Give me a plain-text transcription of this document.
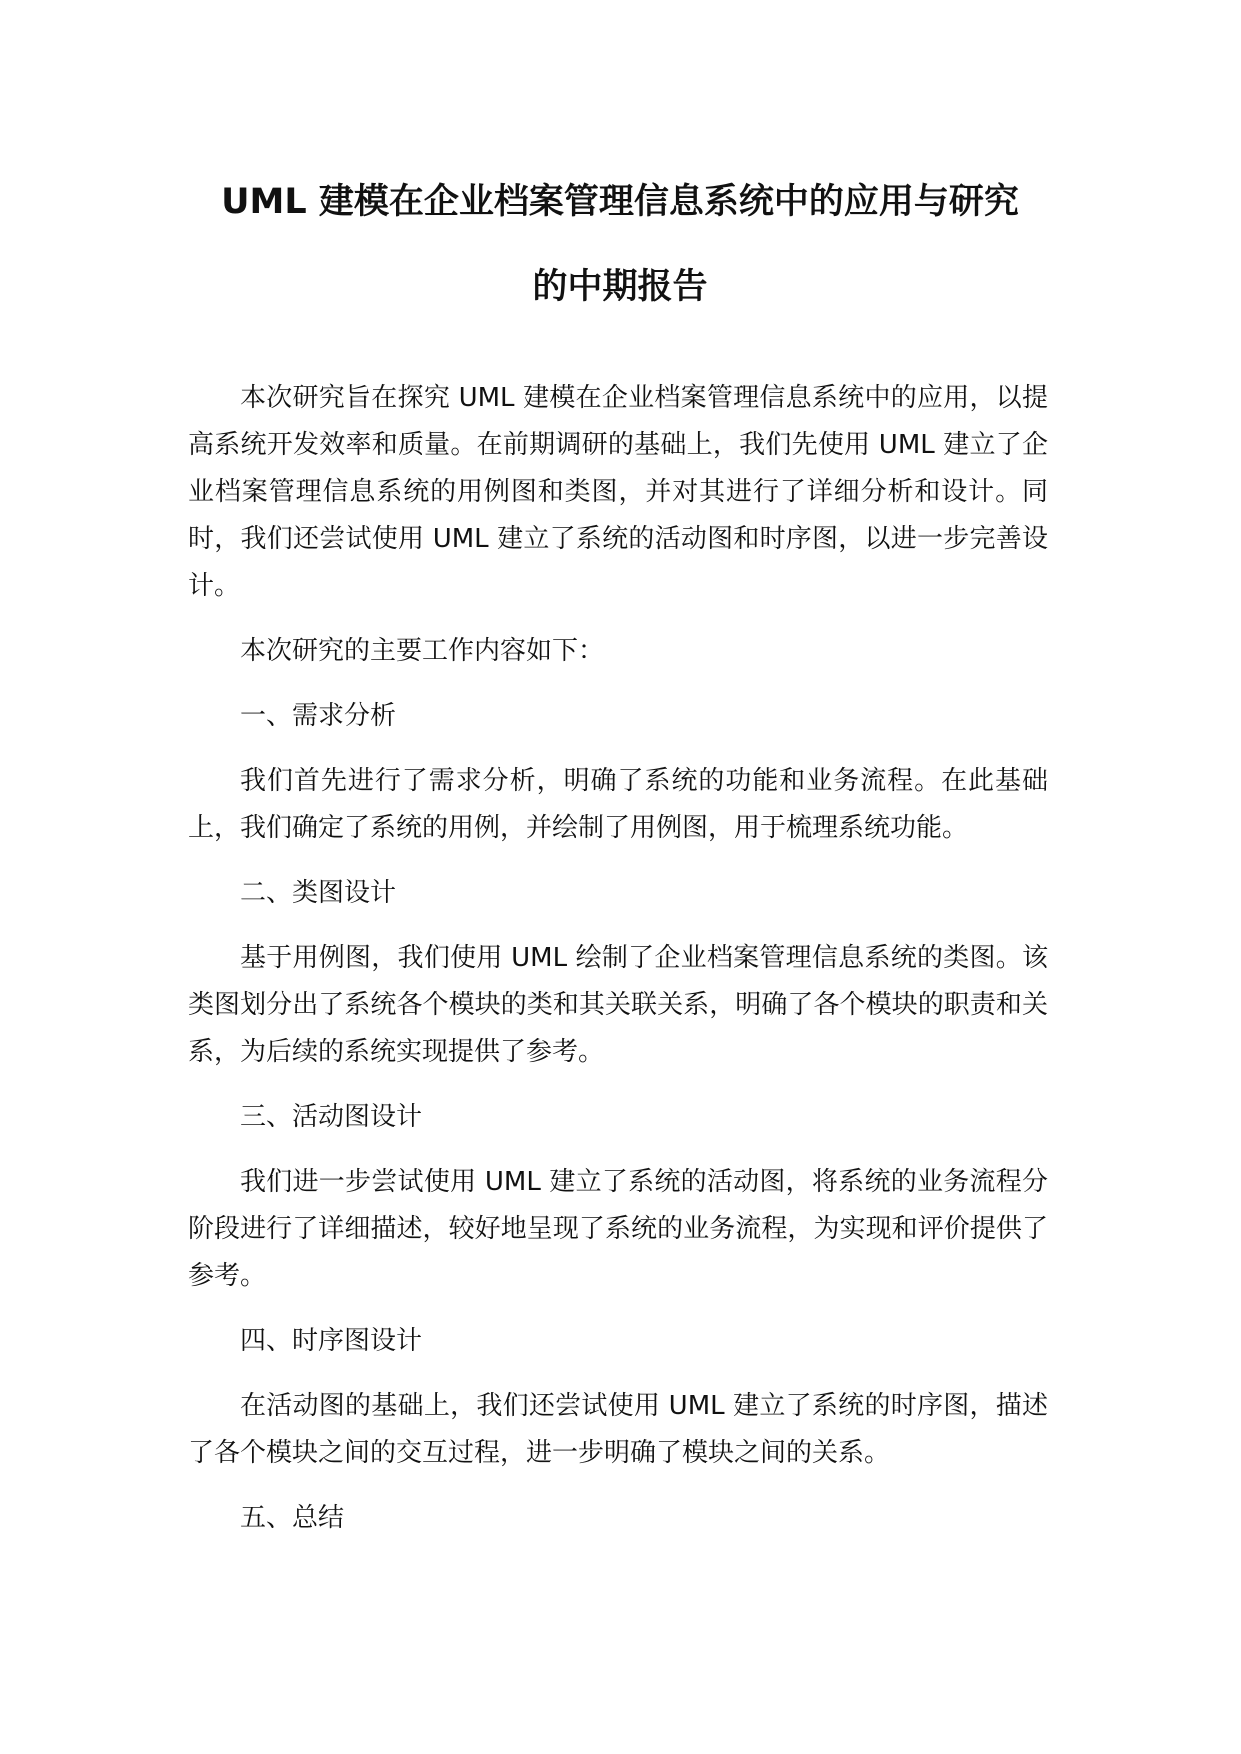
UML 建模在企业档案管理信息系统中的应用与研究
的中期报告

本次研究旨在探究 UML 建模在企业档案管理信息系统中的应用，以提高系统开发效率和质量。在前期调研的基础上，我们先使用 UML 建立了企业档案管理信息系统的用例图和类图，并对其进行了详细分析和设计。同时，我们还尝试使用 UML 建立了系统的活动图和时序图，以进一步完善设计。

本次研究的主要工作内容如下：

一、需求分析

我们首先进行了需求分析，明确了系统的功能和业务流程。在此基础上，我们确定了系统的用例，并绘制了用例图，用于梳理系统功能。

二、类图设计

基于用例图，我们使用 UML 绘制了企业档案管理信息系统的类图。该类图划分出了系统各个模块的类和其关联关系，明确了各个模块的职责和关系，为后续的系统实现提供了参考。

三、活动图设计

我们进一步尝试使用 UML 建立了系统的活动图，将系统的业务流程分阶段进行了详细描述，较好地呈现了系统的业务流程，为实现和评价提供了参考。

四、时序图设计

在活动图的基础上，我们还尝试使用 UML 建立了系统的时序图，描述了各个模块之间的交互过程，进一步明确了模块之间的关系。

五、总结
